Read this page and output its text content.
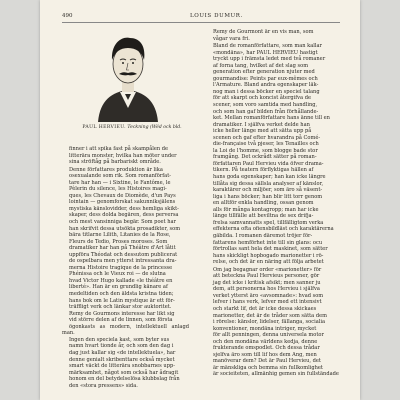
490	LOUIS DUMUR.
PAUL HERVIEU. Teckning (Wéd ock bld.

finner i att spika fast på skampålen de
litterära monster, hvilka han möter under
sina ströftåg på barbariskt område.

Denne författares produktion är lika
osexualande som rik. Som romanförfat-
tare har han — i Sixtine, le Fantôme, le
Pèlerin du silence, les Histoires magi-
ques, les Chevaux de Diomède, d'un Pays
lointain — genomforskat sakunniksjälens
mystiska känslovidder, dess hemliga skikt-
skaper, dess dolda begären, dess perversa
och mest vansinniga begär. Som poet har
han skrifvit dessa utsökta prosadikter, som
bära titlarne Lilith, Litanies de la Rose,
Fleurs de Tedio, Proses moroses. Som
dramatiker har han på Théâtre d'Art låtit
uppföra Théodat och dessutom publicerat
de ospelbara men ytterst intressanta dra-
merna Histoire tragique de la princesse
Phénissa och le Vieux roi — de slutna
hvad Victor Hugo kallade «le théâtre en
liberté». Han är en grundlig känare af
medeltiden och den äldsta kristna tiden;
hans bok om le Latin mystique är ett för-
träffligt verk och länkar stor auktoritet.
Remy de Gourmons interesse har likt sig
vid större delen af de linnen, som första
ögonkasts as modern, intellektuell anlagd man.
Ingen den speciela kast, som byter sus
namn hvart tionde år, och som den dag i
dag just kallar sig «de intellektuela», har
denne genialt skribenttare också mycket
smart väckt de litterära snobbarnes upp-
märksamhet, något som också har ådragit
honom en del betydelselösa klubbslag från
den «stora pressens» sida.

Remy de Gourmont är en vis man, som
vågar vara fri.

Bland de romanförfattare, som man kallar
«mondäna», har PAUL HERVIEU hastigt
tryckt upp i främsta ledet med två romaner
af forna tang, hvilket af det slag som
generation efter generation njuter med
gourmandise: Peints par eux-mêmes och
l'Armature. Bland andra egenskaper läk-
nog man i dessa böcker en speciel talang
för att skarpt och koncist återgifva de
scener, som voro samtida med handling,
och som han gaf bilden från förhållande-
ket. Mellan romanförfattare hans änne till en
dramatiker. I själfva verket delde han
icke heller länge med att sätta upp på
scenen och gaf efter hvarandra på Comé-
die-française två pjeser, les Tenailles och
la Loi de l'homme, som blogge bade stor
framgång. Det ockrådt sätter på roman-
författaren Paul Hervieu vida öfver drama-
tikern. På teatern förflyktigas hällen af
hans goda egenskaper; han kan icke längre
tillåta sig dessa sällsla analyser af känslor,
karaktärer och miljöer, som äro så väsent-
liga i hans böcker; han blir litt torr genom
en alltför enkla handling, ossan genom
alls för många kontagropp; man har icke
länge tillfälle att beviltna de sex drifja-
frelsa samvannatts spel, tillfälligtom verka
effekterna ofta ofiensbildläst och karaktärerna
gäbilda. I romanen däremot tröjer för-
fattarens hemförhet inte till sin glans: ocu
förtrollas sant hela det maskinet, som sätter
hans skickligt hopbogado marionetter i rö-
relse, och det är en näring att följa arbetet

Om jag begagnar order «marionetter» för
att beteckna Paul Hervieus personer, gör
jag det icke i kritisk afsikt; men sanner ju
dem, att personerna hos Hervieu i själfva
verket ytterst äro «avsomnade»: hvad som
lefver i hans verk, lefver med ett intensivt
och starkt lif, det är icke dessa skickaes
marionetter, det är de tråder som sätta dem
i rörelse: känslor, lidelser, fällanga, socialia
konventioner, mondäna intriger, mycket
för allt penningen, denna universela motor
och den mondäna världens kedja, denne
frukterande omspodlet. Och dessa trådar
sjelfva äro som till lif hos dem Ang, men
manöverar dem? Det är Paul Hervieu, det
är mänskliga och bemma sin fullkomlighet
är socieiteten, allmänhig gemen sin fullständade
